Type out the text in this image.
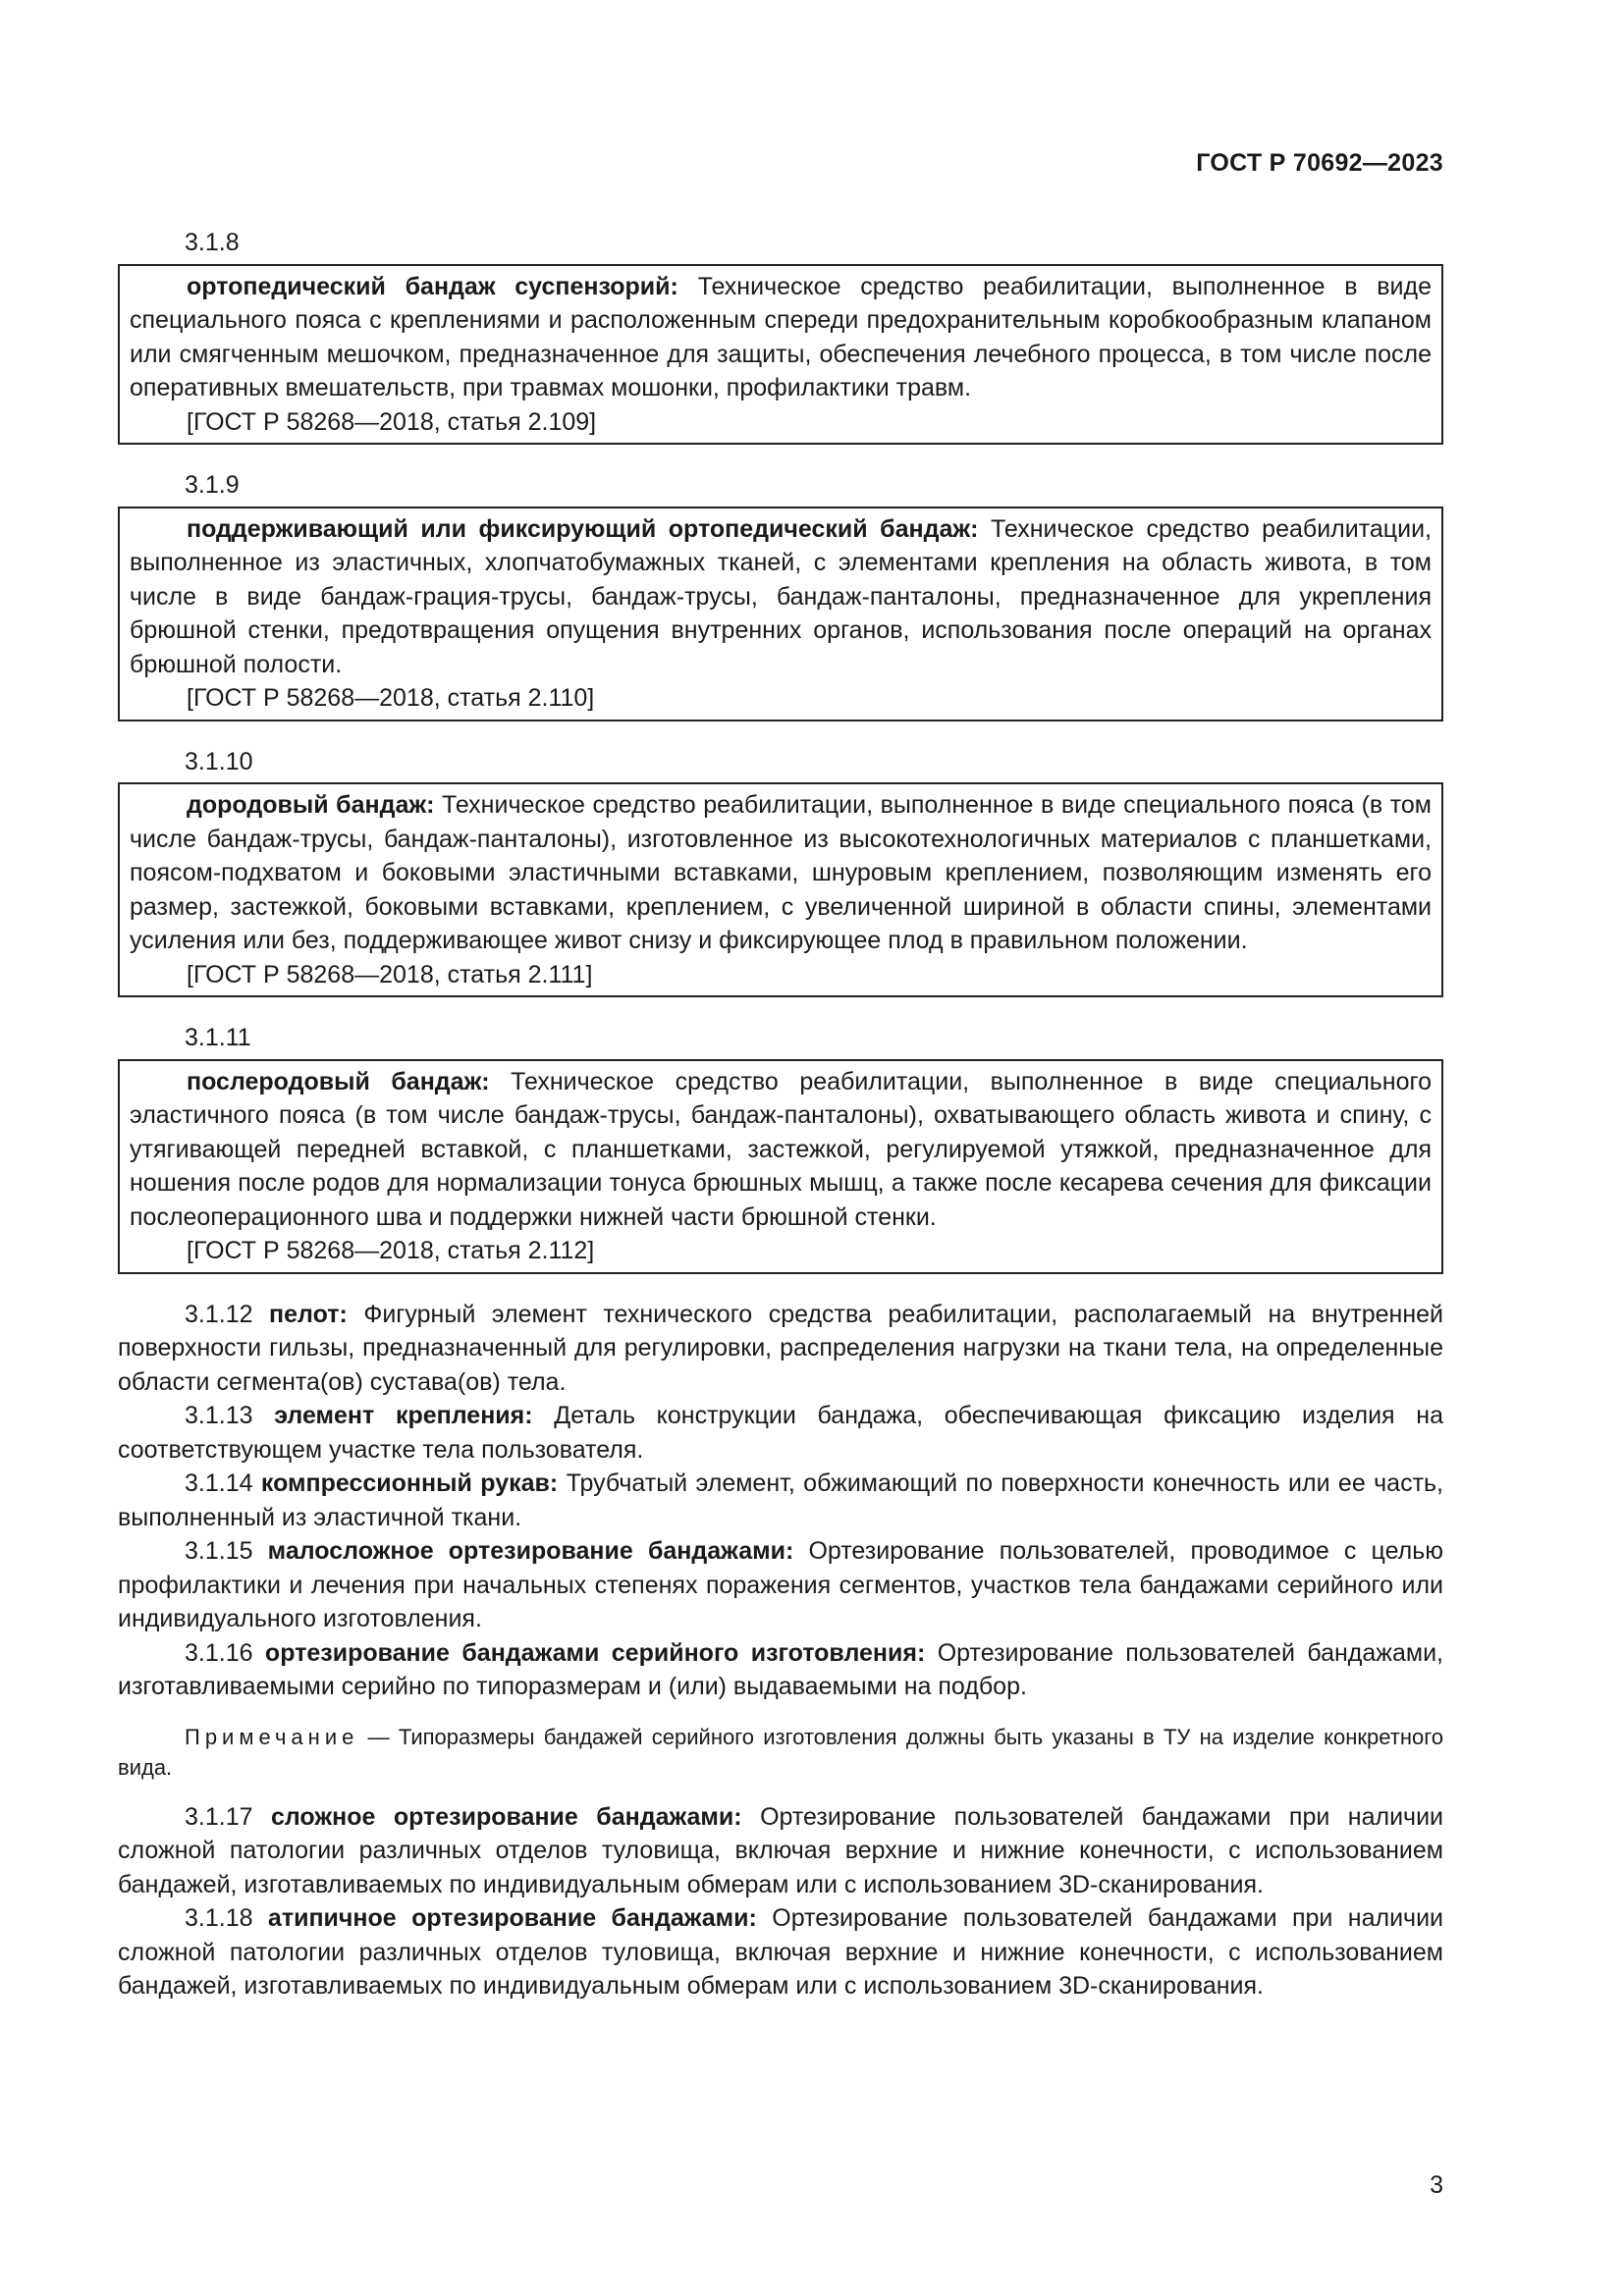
ГОСТ Р 70692—2023
3.1.8

ортопедический бандаж суспензорий: Техническое средство реабилитации, выполненное в виде специального пояса с креплениями и расположенным спереди предохранительным коробкообразным клапаном или смягченным мешочком, предназначенное для защиты, обеспечения лечебного процесса, в том числе после оперативных вмешательств, при травмах мошонки, профилактики травм.

[ГОСТ Р 58268—2018, статья 2.109]
3.1.9

поддерживающий или фиксирующий ортопедический бандаж: Техническое средство реабилитации, выполненное из эластичных, хлопчатобумажных тканей, с элементами крепления на область живота, в том числе в виде бандаж-грация-трусы, бандаж-трусы, бандаж-панталоны, предназначенное для укрепления брюшной стенки, предотвращения опущения внутренних органов, использования после операций на органах брюшной полости.

[ГОСТ Р 58268—2018, статья 2.110]
3.1.10

дородовый бандаж: Техническое средство реабилитации, выполненное в виде специального пояса (в том числе бандаж-трусы, бандаж-панталоны), изготовленное из высокотехнологичных материалов с планшетками, поясом-подхватом и боковыми эластичными вставками, шнуровым креплением, позволяющим изменять его размер, застежкой, боковыми вставками, креплением, с увеличенной шириной в области спины, элементами усиления или без, поддерживающее живот снизу и фиксирующее плод в правильном положении.

[ГОСТ Р 58268—2018, статья 2.111]
3.1.11

послеродовый бандаж: Техническое средство реабилитации, выполненное в виде специального эластичного пояса (в том числе бандаж-трусы, бандаж-панталоны), охватывающего область живота и спину, с утягивающей передней вставкой, с планшетками, застежкой, регулируемой утяжкой, предназначенное для ношения после родов для нормализации тонуса брюшных мышц, а также после кесарева сечения для фиксации послеоперационного шва и поддержки нижней части брюшной стенки.

[ГОСТ Р 58268—2018, статья 2.112]

3.1.12 пелот: Фигурный элемент технического средства реабилитации, располагаемый на внутренней поверхности гильзы, предназначенный для регулировки, распределения нагрузки на ткани тела, на определенные области сегмента(ов) сустава(ов) тела.

3.1.13 элемент крепления: Деталь конструкции бандажа, обеспечивающая фиксацию изделия на соответствующем участке тела пользователя.

3.1.14 компрессионный рукав: Трубчатый элемент, обжимающий по поверхности конечность или ее часть, выполненный из эластичной ткани.

3.1.15 малосложное ортезирование бандажами: Ортезирование пользователей, проводимое с целью профилактики и лечения при начальных степенях поражения сегментов, участков тела бандажами серийного или индивидуального изготовления.

3.1.16 ортезирование бандажами серийного изготовления: Ортезирование пользователей бандажами, изготавливаемыми серийно по типоразмерам и (или) выдаваемыми на подбор.

Примечание — Типоразмеры бандажей серийного изготовления должны быть указаны в ТУ на изделие конкретного вида.

3.1.17 сложное ортезирование бандажами: Ортезирование пользователей бандажами при наличии сложной патологии различных отделов туловища, включая верхние и нижние конечности, с использованием бандажей, изготавливаемых по индивидуальным обмерам или с использованием 3D-сканирования.

3.1.18 атипичное ортезирование бандажами: Ортезирование пользователей бандажами при наличии сложной патологии различных отделов туловища, включая верхние и нижние конечности, с использованием бандажей, изготавливаемых по индивидуальным обмерам или с использованием 3D-сканирования.

3
